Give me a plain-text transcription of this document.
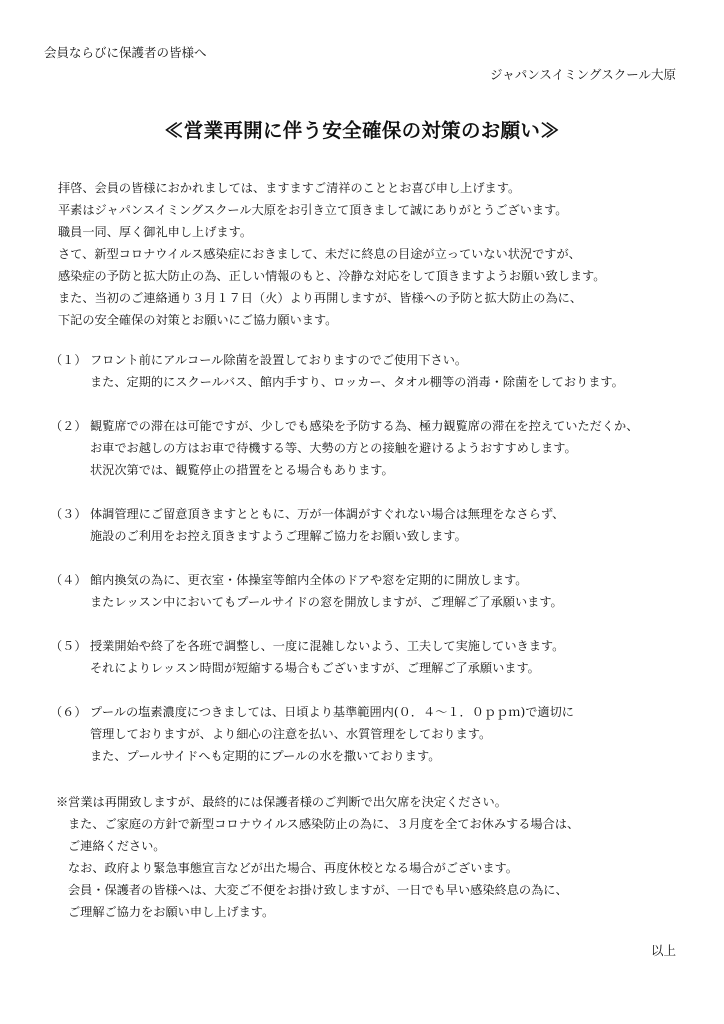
会員ならびに保護者の皆様へ
ジャパンスイミングスクール大原
≪営業再開に伴う安全確保の対策のお願い≫
拝啓、会員の皆様におかれましては、ますますご清祥のこととお喜び申し上げます。
平素はジャパンスイミングスクール大原をお引き立て頂きまして誠にありがとうございます。
職員一同、厚く御礼申し上げます。
さて、新型コロナウイルス感染症におきまして、未だに終息の目途が立っていない状況ですが、
感染症の予防と拡大防止の為、正しい情報のもと、冷静な対応をして頂きますようお願い致します。
また、当初のご連絡通り３月１７日（火）より再開しますが、皆様への予防と拡大防止の為に、
下記の安全確保の対策とお願いにご協力願います。
（１） フロント前にアルコール除菌を設置しておりますのでご使用下さい。
また、定期的にスクールバス、館内手すり、ロッカー、タオル棚等の消毒・除菌をしております。
（２） 観覧席での滞在は可能ですが、少しでも感染を予防する為、極力観覧席の滞在を控えていただくか、
お車でお越しの方はお車で待機する等、大勢の方との接触を避けるようおすすめします。
状況次第では、観覧停止の措置をとる場合もあります。
（３） 体調管理にご留意頂きますとともに、万が一体調がすぐれない場合は無理をなさらず、
施設のご利用をお控え頂きますようご理解ご協力をお願い致します。
（４） 館内換気の為に、更衣室・体操室等館内全体のドアや窓を定期的に開放します。
またレッスン中においてもプールサイドの窓を開放しますが、ご理解ご了承願います。
（５） 授業開始や終了を各班で調整し、一度に混雑しないよう、工夫して実施していきます。
それによりレッスン時間が短縮する場合もございますが、ご理解ご了承願います。
（６） プールの塩素濃度につきましては、日頃より基準範囲内(０．４～１．０ｐｐｍ)で適切に
管理しておりますが、より細心の注意を払い、水質管理をしております。
また、プールサイドへも定期的にプールの水を撒いております。
※営業は再開致しますが、最終的には保護者様のご判断で出欠席を決定ください。
また、ご家庭の方針で新型コロナウイルス感染防止の為に、３月度を全てお休みする場合は、
ご連絡ください。
なお、政府より緊急事態宣言などが出た場合、再度休校となる場合がございます。
会員・保護者の皆様へは、大変ご不便をお掛け致しますが、一日でも早い感染終息の為に、
ご理解ご協力をお願い申し上げます。
以上
